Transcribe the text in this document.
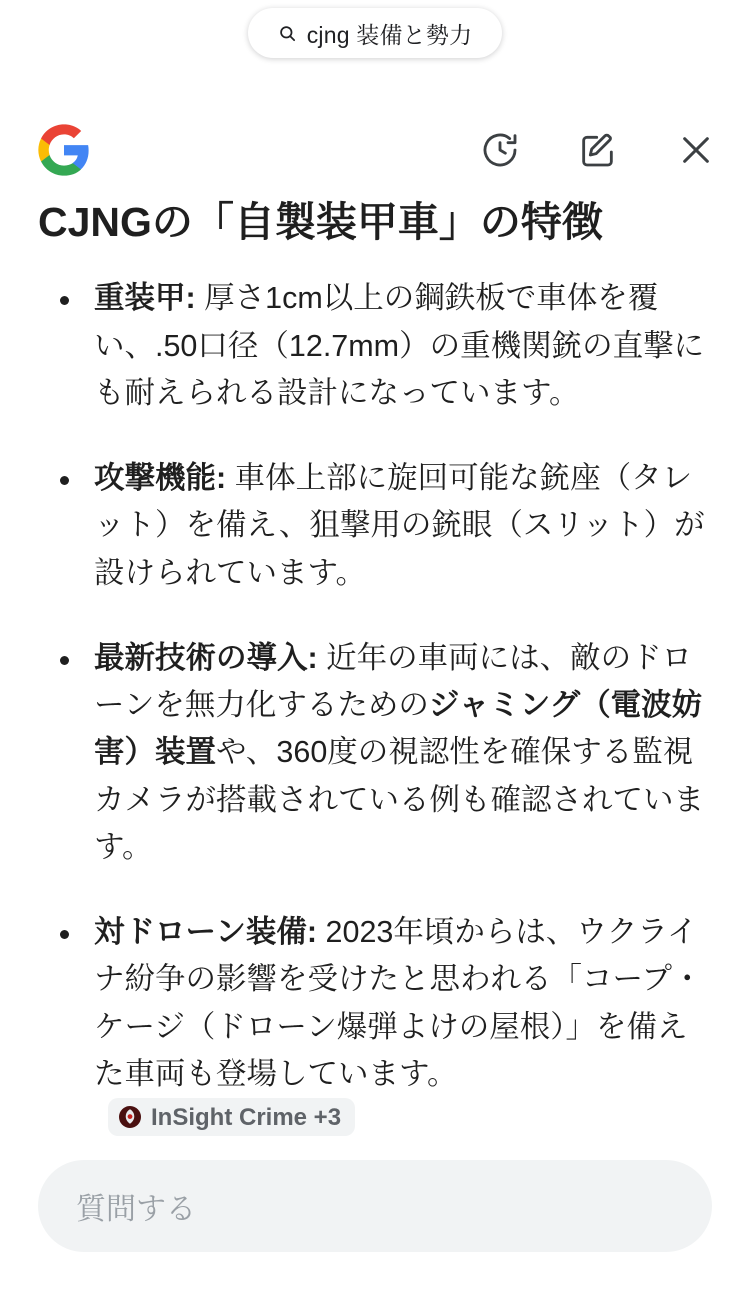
cjng 装備と勢力
CJNGの「自製装甲車」の特徴
重装甲: 厚さ1cm以上の鋼鉄板で車体を覆い、.50口径（12.7mm）の重機関銃の直撃にも耐えられる設計になっています。
攻撃機能: 車体上部に旋回可能な銃座（タレット）を備え、狙撃用の銃眼（スリット）が設けられています。
最新技術の導入: 近年の車両には、敵のドローンを無力化するためのジャミング（電波妨害）装置や、360度の視認性を確保する監視カメラが搭載されている例も確認されています。
対ドローン装備: 2023年頃からは、ウクライナ紛争の影響を受けたと思われる「コープ・ケージ（ドローン爆弾よけの屋根）」を備えた車両も登場しています。
InSight Crime +3
質問する
